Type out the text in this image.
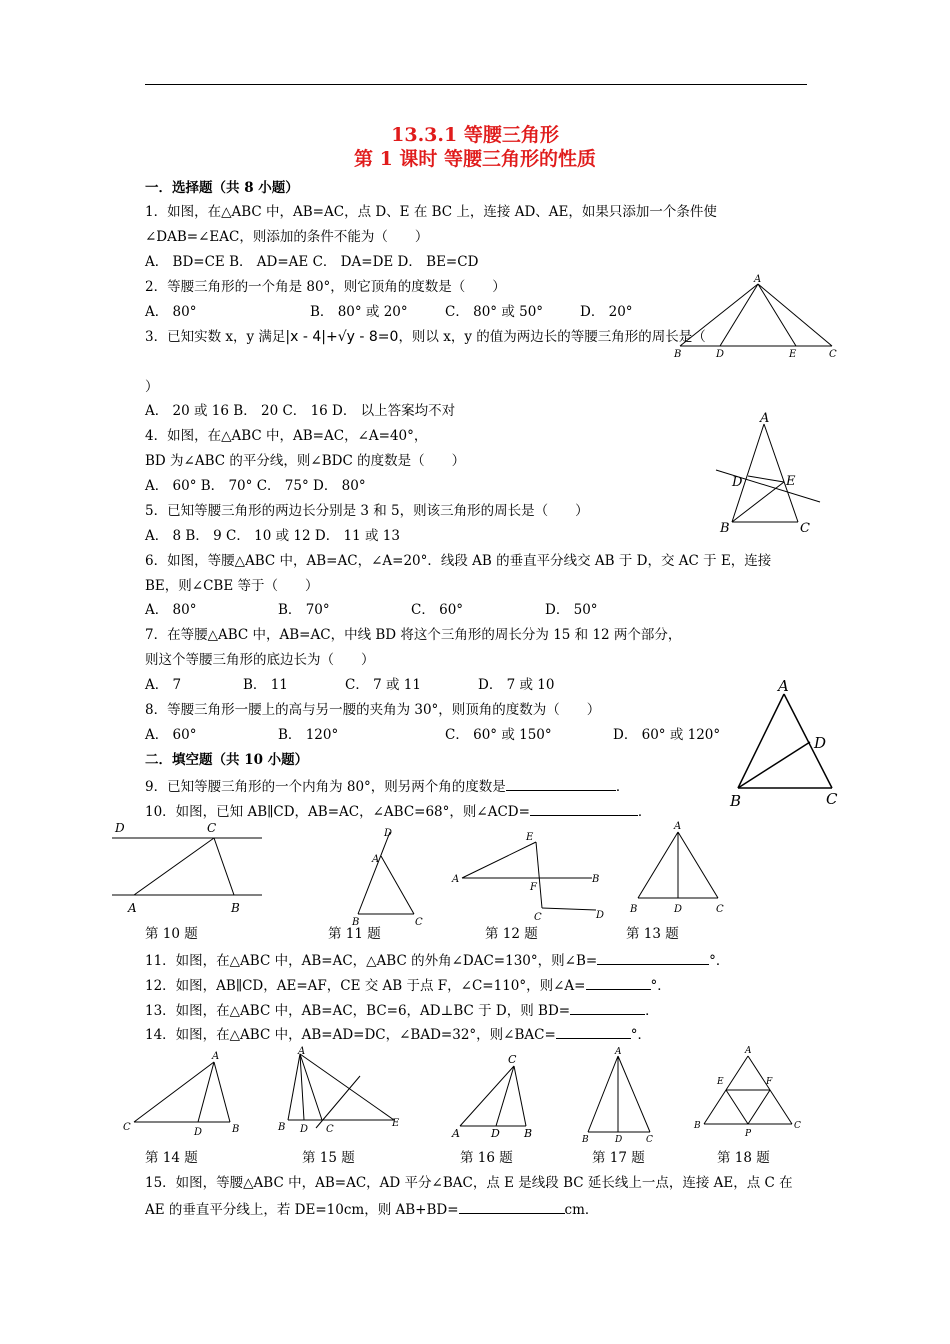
13.3.1 等腰三角形
第 1 课时 等腰三角形的性质
一．选择题（共 8 小题）
1．如图，在△ABC 中，AB=AC，点 D、E 在 BC 上，连接 AD、AE，如果只添加一个条件使
∠DAB=∠EAC，则添加的条件不能为（　　）
A． BD=CE B． AD=AE C． DA=DE D． BE=CD
2．等腰三角形的一个角是 80°，则它顶角的度数是（　　）
A． 80°	B． 80° 或 20°	C． 80° 或 50°	D． 20°
3．已知实数 x，y 满足|x - 4|+√y - 8=0，则以 x，y 的值为两边长的等腰三角形的周长是（
）
A． 20 或 16 B． 20 C． 16 D． 以上答案均不对
4．如图，在△ABC 中，AB=AC，∠A=40°，
BD 为∠ABC 的平分线，则∠BDC 的度数是（　　）
A． 60° B． 70° C． 75° D． 80°
5．已知等腰三角形的两边长分别是 3 和 5，则该三角形的周长是（　　）
A． 8 B． 9 C． 10 或 12 D． 11 或 13
6．如图，等腰△ABC 中，AB=AC，∠A=20°．线段 AB 的垂直平分线交 AB 于 D，交 AC 于 E，连接
BE，则∠CBE 等于（　　）
A． 80°	B． 70°	C． 60°	D． 50°
7．在等腰△ABC 中，AB=AC，中线 BD 将这个三角形的周长分为 15 和 12 两个部分，
则这个等腰三角形的底边长为（　　）
A． 7	B． 11	C． 7 或 11	D． 7 或 10
8．等腰三角形一腰上的高与另一腰的夹角为 30°，则顶角的度数为（　　）
A． 60°	B． 120°	C． 60° 或 150°	D． 60° 或 120°
二．填空题（共 10 小题）
9．已知等腰三角形的一个内角为 80°，则另两个角的度数是	．
10．如图，已知 AB∥CD，AB=AC，∠ABC=68°，则∠ACD=	．
A
B	D	E	C
A
D	E
B	C
A
D
B	C
D	C
A	B
D
A
B	C
E
A	B
F
C	D
A
B	D	C
第 10 题	第 11 题	第 12 题	第 13 题
11．如图，在△ABC 中，AB=AC，△ABC 的外角∠DAC=130°，则∠B=	°．
12．如图，AB∥CD，AE=AF，CE 交 AB 于点 F，∠C=110°，则∠A=	°．
13．如图，在△ABC 中，AB=AC，BC=6，AD⊥BC 于 D，则 BD=	．
14．如图，在△ABC 中，AB=AD=DC，∠BAD=32°，则∠BAC=	°．
A
C	D	B
A
B D C
E
C
A	D B
A
B	D	C
A
E	F
B
P
C
第 14 题	第 15 题	第 16 题	第 17 题	第 18 题
15．如图，等腰△ABC 中，AB=AC，AD 平分∠BAC，点 E 是线段 BC 延长线上一点，连接 AE，点 C 在
AE 的垂直平分线上，若 DE=10cm，则 AB+BD=	cm．
